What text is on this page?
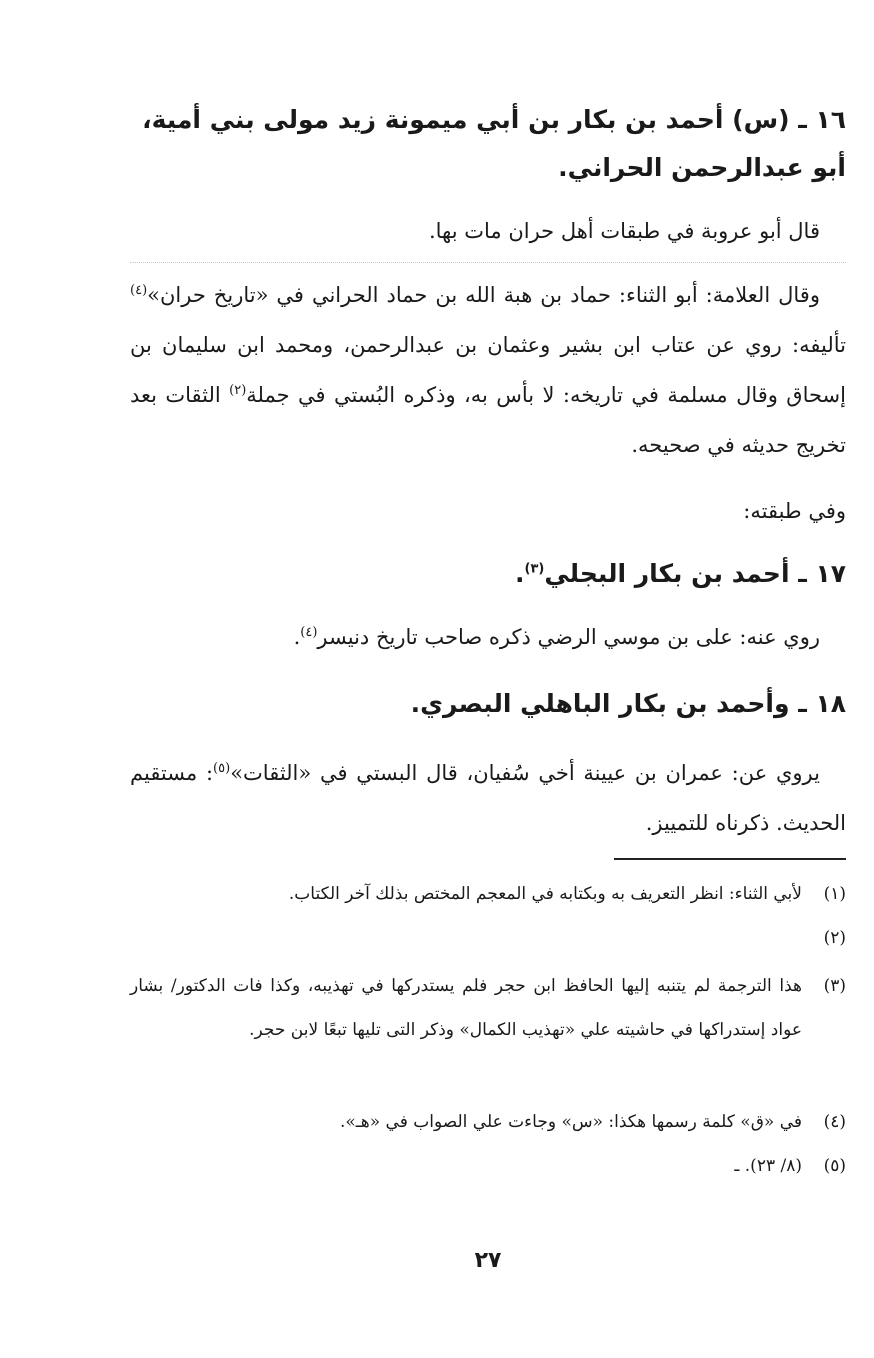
١٦ ـ (س) أحمد بن بكار بن أبي ميمونة زيد مولى بني أمية، أبو عبدالرحمن الحراني.
قال أبو عروبة في طبقات أهل حران مات بها.
وقال العلامة: أبو الثناء: حماد بن هبة الله بن حماد الحراني في «تاريخ حران»$^{(٤)}$ تأليفه: روي عن عتاب ابن بشير وعثمان بن عبدالرحمن، ومحمد ابن سليمان بن إسحاق وقال مسلمة في تاريخه: لا بأس به، وذكره البُستي في جملة$^{(٢)}$ الثقات بعد تخريج حديثه في صحيحه.
وفي طبقته:
١٧ ـ أحمد بن بكار البجلي$^{(٣)}$.
روي عنه: على بن موسي الرضي ذكره صاحب تاريخ دنيسر$^{(٤)}$.
١٨ ـ وأحمد بن بكار الباهلي البصري.
يروي عن: عمران بن عيينة أخي سُفيان، قال البستي في «الثقات»$^{(٥)}$: مستقيم الحديث. ذكرناه للتمييز.
(١)
لأبي الثناء: انظر التعريف به وبكتابه في المعجم المختص بذلك آخر الكتاب.
(٢)

(٣)
هذا الترجمة لم يتنبه إليها الحافظ ابن حجر فلم يستدركها في تهذيبه، وكذا فات الدكتور/ بشار عواد إستدراكها في حاشيته علي «تهذيب الكمال» وذكر التى تليها تبعًا لابن حجر.
(٤)
في «ق» كلمة رسمها هكذا: «س» وجاءت علي الصواب في «هـ».
(٥)
(٨/ ٢٣). ـ
٢٧
